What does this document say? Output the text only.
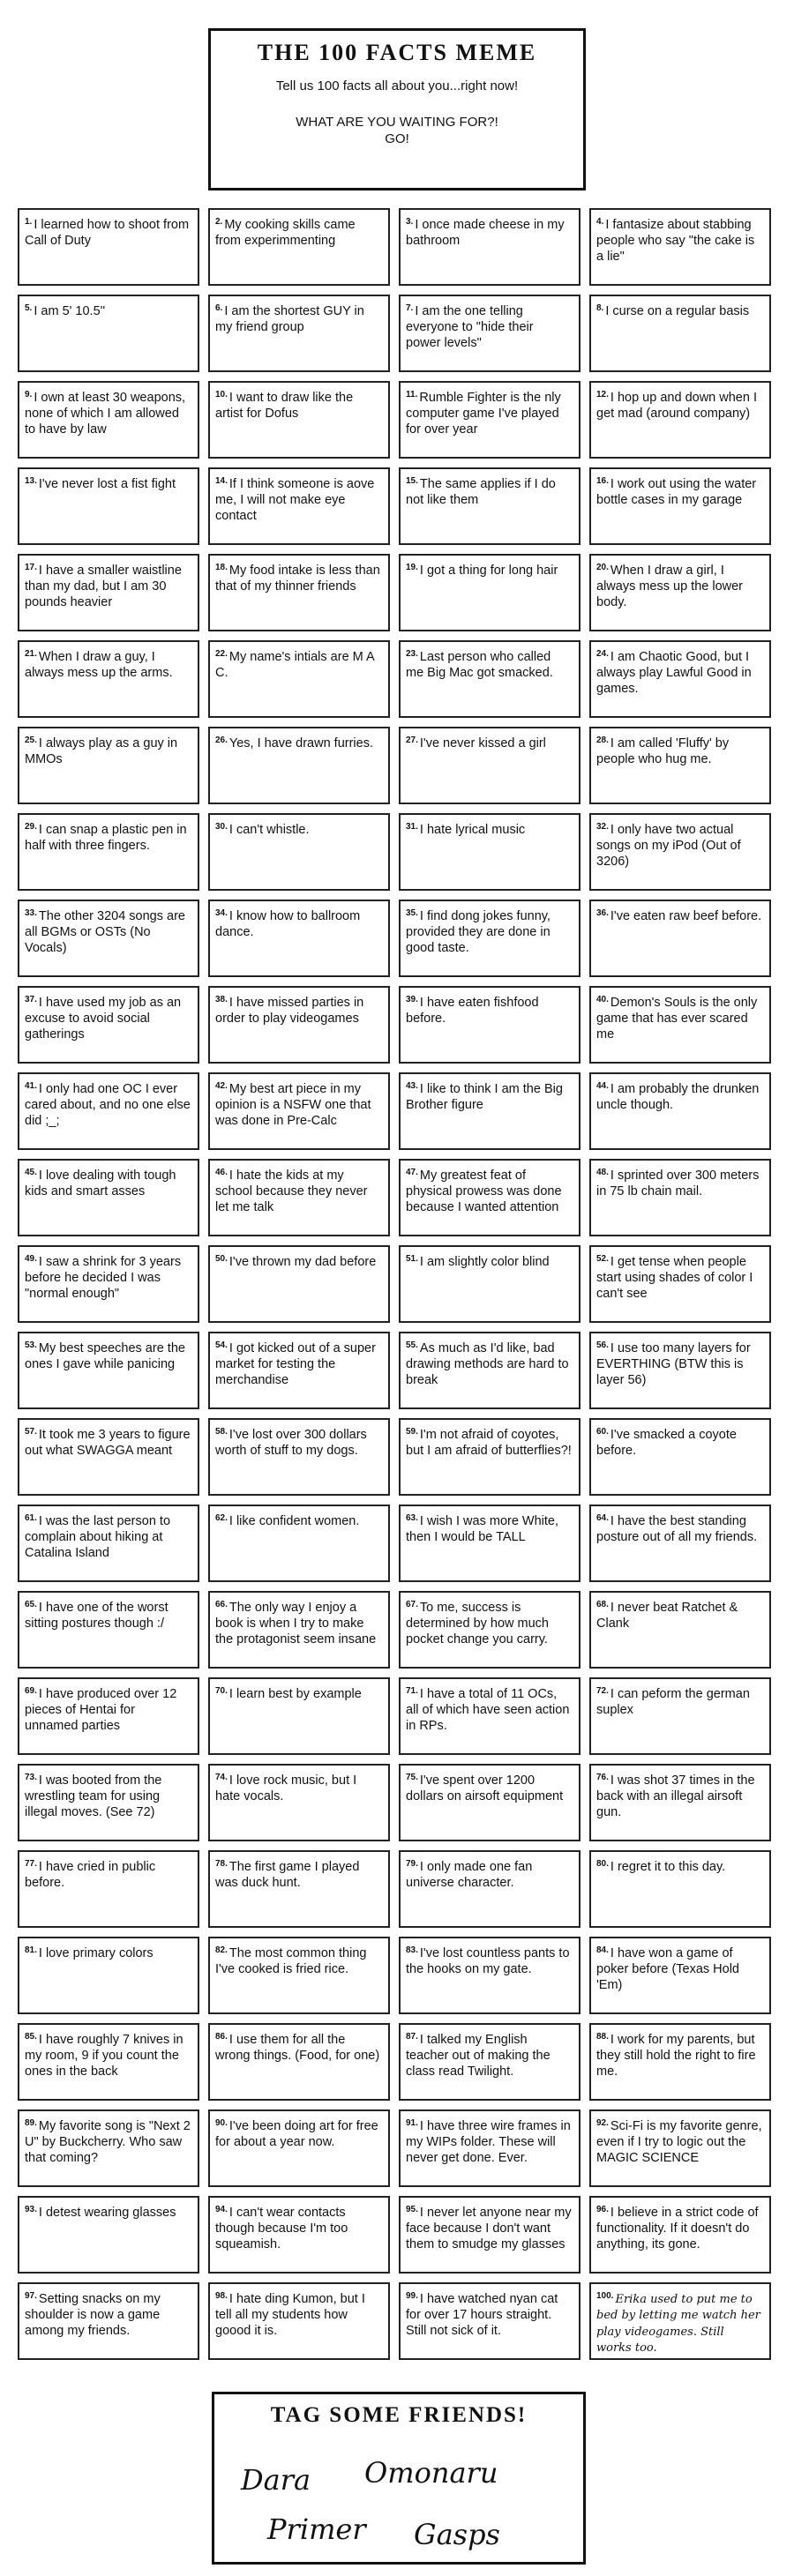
THE 100 FACTS MEME
Tell us 100 facts all about you...right now!
WHAT ARE YOU WAITING FOR?!
GO!
$^{1.}$ I learned how to shoot from Call of Duty
$^{2.}$ My cooking skills came from experimmenting
$^{3.}$ I once made cheese in my bathroom
$^{4.}$ I fantasize about stabbing people who say "the cake is a lie"
$^{5.}$ I am 5' 10.5''	$^{6.}$ I am the shortest GUY in my friend group
$^{7.}$ I am the one telling everyone to "hide their power levels"
$^{8.}$ I curse on a regular basis
$^{9.}$ I own at least 30 weapons, none of which I am allowed to have by law
$^{10.}$ I want to draw like the artist for Dofus
$^{11.}$ Rumble Fighter is the nly computer game I've played for over year
$^{12.}$ I hop up and down when I get mad (around company)
$^{13.}$ I've never lost a fist fight	$^{14.}$ If I think someone is aove me, I will not make eye contact
$^{15.}$ The same applies if I do not like them
$^{16.}$ I work out using the water bottle cases in my garage
$^{17.}$ I have a smaller waistline than my dad, but I am 30 pounds heavier
$^{18.}$ My food intake is less than that of my thinner friends
$^{19.}$ I got a thing for long hair	$^{20.}$ When I draw a girl, I always mess up the lower body.
$^{21.}$ When I draw a guy, I always mess up the arms.
$^{22.}$ My name's intials are M A C.
$^{23.}$ Last person who called me Big Mac got smacked.
$^{24.}$ I am Chaotic Good, but I always play Lawful Good in games.
$^{25.}$ I always play as a guy in MMOs
$^{26.}$ Yes, I have drawn furries.	$^{27.}$ I've never kissed a girl	$^{28.}$ I am called 'Fluffy' by people who hug me.
$^{29.}$ I can snap a plastic pen in half with three fingers.
$^{30.}$ I can't whistle.	$^{31.}$ I hate lyrical music	$^{32.}$ I only have two actual songs on my iPod (Out of 3206)
$^{33.}$ The other 3204 songs are all BGMs or OSTs (No Vocals)
$^{34.}$ I know how to ballroom dance.
$^{35.}$ I find dong jokes funny, provided they are done in good taste.
$^{36.}$ I've eaten raw beef before.
$^{37.}$ I have used my job as an excuse to avoid social gatherings
$^{38.}$ I have missed parties in order to play videogames
$^{39.}$ I have eaten fishfood before.
$^{40.}$ Demon's Souls is the only game that has ever scared me
$^{41.}$ I only had one OC I ever cared about, and no one else did ;_;
$^{42.}$ My best art piece in my opinion is a NSFW one that was done in Pre-Calc
$^{43.}$ I like to think I am the Big Brother figure
$^{44.}$ I am probably the drunken uncle though.
$^{45.}$ I love dealing with tough kids and smart asses
$^{46.}$ I hate the kids at my school because they never let me talk
$^{47.}$ My greatest feat of physical prowess was done because I wanted attention
$^{48.}$ I sprinted over 300 meters in 75 lb chain mail.
$^{49.}$ I saw a shrink for 3 years before he decided I was "normal enough"
$^{50.}$ I've thrown my dad before	$^{51.}$ I am slightly color blind	$^{52.}$ I get tense when people start using shades of color I can't see
$^{53.}$ My best speeches are the ones I gave while panicing
$^{54.}$ I got kicked out of a super market for testing the merchandise
$^{55.}$ As much as I'd like, bad drawing methods are hard to break
$^{56.}$ I use too many layers for EVERTHING (BTW this is layer 56)
$^{57.}$ It took me 3 years to figure out what SWAGGA meant
$^{58.}$ I've lost over 300 dollars worth of stuff to my dogs.
$^{59.}$ I'm not afraid of coyotes, but I am afraid of butterflies?!
$^{60.}$ I've smacked a coyote before.
$^{61.}$ I was the last person to complain about hiking at Catalina Island
$^{62.}$ I like confident women.	$^{63.}$ I wish I was more White, then I would be TALL
$^{64.}$ I have the best standing posture out of all my friends.
$^{65.}$ I have one of the worst sitting postures though :/
$^{66.}$ The only way I enjoy a book is when I try to make the protagonist seem insane
$^{67.}$ To me, success is determined by how much pocket change you carry.
$^{68.}$ I never beat Ratchet & Clank
$^{69.}$ I have produced over 12 pieces of Hentai for unnamed parties
$^{70.}$ I learn best by example	$^{71.}$ I have a total of 11 OCs, all of which have seen action in RPs.
$^{72.}$ I can peform the german suplex
$^{73.}$ I was booted from the wrestling team for using illegal moves. (See 72)
$^{74.}$ I love rock music, but I hate vocals.
$^{75.}$ I've spent over 1200 dollars on airsoft equipment
$^{76.}$ I was shot 37 times in the back with an illegal airsoft gun.
$^{77.}$ I have cried in public before.
$^{78.}$ The first game I played was duck hunt.
$^{79.}$ I only made one fan universe character.
$^{80.}$ I regret it to this day.
$^{81.}$ I love primary colors	$^{82.}$ The most common thing I've cooked is fried rice.
$^{83.}$ I've lost countless pants to the hooks on my gate.
$^{84.}$ I have won a game of poker before (Texas Hold 'Em)
$^{85.}$ I have roughly 7 knives in my room, 9 if you count the ones in the back
$^{86.}$ I use them for all the wrong things. (Food, for one)
$^{87.}$ I talked my English teacher out of making the class read Twilight.
$^{88.}$ I work for my parents, but they still hold the right to fire me.
$^{89.}$ My favorite song is "Next 2 U" by Buckcherry. Who saw that coming?
$^{90.}$ I've been doing art for free for about a year now.
$^{91.}$ I have three wire frames in my WIPs folder. These will never get done. Ever.
$^{92.}$ Sci-Fi is my favorite genre, even if I try to logic out the MAGIC SCIENCE
$^{93.}$ I detest wearing glasses	$^{94.}$ I can't wear contacts though because I'm too squeamish.
$^{95.}$ I never let anyone near my face because I don't want them to smudge my glasses
$^{96.}$ I believe in a strict code of functionality. If it doesn't do anything, its gone.
$^{97.}$ Setting snacks on my shoulder is now a game among my friends.
$^{98.}$ I hate ding Kumon, but I tell all my students how goood it is.
$^{99.}$ I have watched nyan cat for over 17 hours straight. Still not sick of it.
$^{100.}$ Erika used to put me to bed by letting me watch her play videogames. Still works too.
TAG SOME FRIENDS!
Dara Omonaru
Primer Gasps
